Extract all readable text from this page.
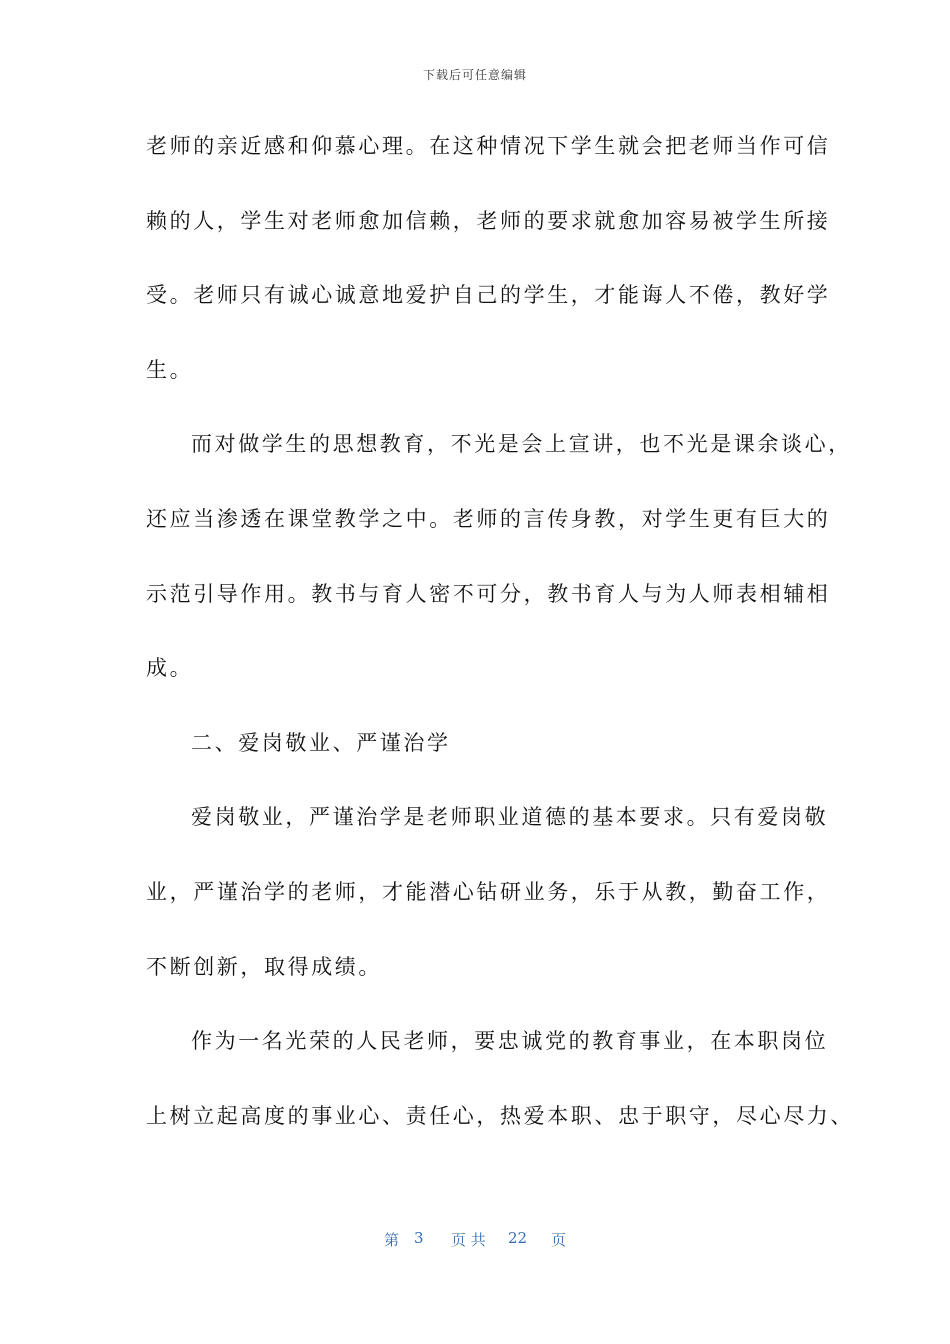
下载后可任意编辑
老师的亲近感和仰慕心理。在这种情况下学生就会把老师当作可信
赖的人，学生对老师愈加信赖，老师的要求就愈加容易被学生所接
受。老师只有诚心诚意地爱护自己的学生，才能诲人不倦，教好学
生。
而对做学生的思想教育，不光是会上宣讲，也不光是课余谈心，
还应当渗透在课堂教学之中。老师的言传身教，对学生更有巨大的
示范引导作用。教书与育人密不可分，教书育人与为人师表相辅相
成。
二、爱岗敬业、严谨治学
爱岗敬业，严谨治学是老师职业道德的基本要求。只有爱岗敬
业，严谨治学的老师，才能潜心钻研业务，乐于从教，勤奋工作，
不断创新，取得成绩。
作为一名光荣的人民老师，要忠诚党的教育事业，在本职岗位
上树立起高度的事业心、责任心，热爱本职、忠于职守，尽心尽力、
第 3 页 共 22 页
